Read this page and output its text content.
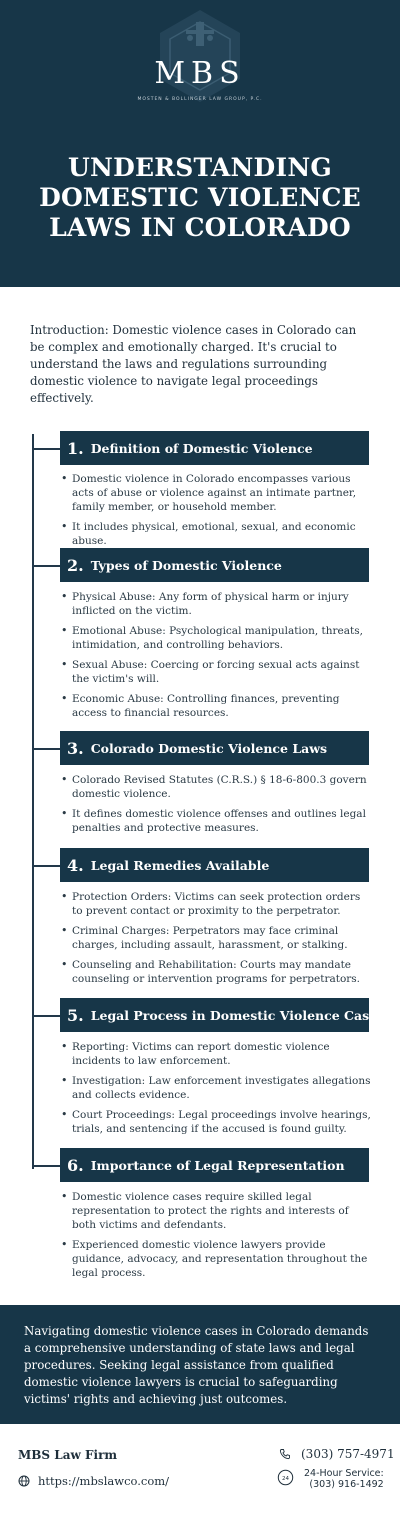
MBS
MOSTEN & BOLLINGER LAW GROUP, P.C.
UNDERSTANDING DOMESTIC VIOLENCE LAWS IN COLORADO

Introduction: Domestic violence cases in Colorado can be complex and emotionally charged. It's crucial to understand the laws and regulations surrounding domestic violence to navigate legal proceedings effectively.

1. Definition of Domestic Violence
• Domestic violence in Colorado encompasses various acts of abuse or violence against an intimate partner, family member, or household member.
• It includes physical, emotional, sexual, and economic abuse.
2. Types of Domestic Violence
• Physical Abuse: Any form of physical harm or injury inflicted on the victim.
• Emotional Abuse: Psychological manipulation, threats, intimidation, and controlling behaviors.
• Sexual Abuse: Coercing or forcing sexual acts against the victim's will.
• Economic Abuse: Controlling finances, preventing access to financial resources.
3. Colorado Domestic Violence Laws
• Colorado Revised Statutes (C.R.S.) § 18-6-800.3 govern domestic violence.
• It defines domestic violence offenses and outlines legal penalties and protective measures.
4. Legal Remedies Available
• Protection Orders: Victims can seek protection orders to prevent contact or proximity to the perpetrator.
• Criminal Charges: Perpetrators may face criminal charges, including assault, harassment, or stalking.
• Counseling and Rehabilitation: Courts may mandate counseling or intervention programs for perpetrators.
5. Legal Process in Domestic Violence Cases
• Reporting: Victims can report domestic violence incidents to law enforcement.
• Investigation: Law enforcement investigates allegations and collects evidence.
• Court Proceedings: Legal proceedings involve hearings, trials, and sentencing if the accused is found guilty.
6. Importance of Legal Representation
• Domestic violence cases require skilled legal representation to protect the rights and interests of both victims and defendants.
• Experienced domestic violence lawyers provide guidance, advocacy, and representation throughout the legal process.

Navigating domestic violence cases in Colorado demands a comprehensive understanding of state laws and legal procedures. Seeking legal assistance from qualified domestic violence lawyers is crucial to safeguarding victims' rights and achieving just outcomes.

MBS Law Firm
https://mbslawco.com/
(303) 757-4971
24 24-Hour Service:
(303) 916-1492
